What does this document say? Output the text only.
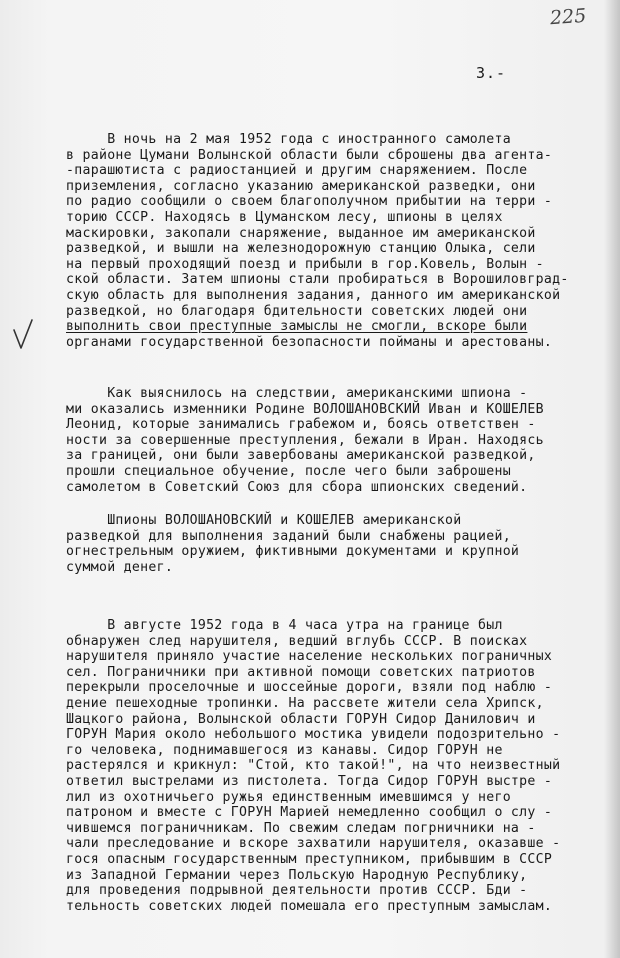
225
3.-

В ночь на 2 мая 1952 года с иностранного самолета

в районе Цумани Волынской области были сброшены два агента-

-парашютиста с радиостанцией и другим снаряжением. После

приземления, согласно указанию американской разведки, они

по радио сообщили о своем благополучном прибытии на терри -

торию СССР. Находясь в Цуманском лесу, шпионы в целях

маскировки, закопали снаряжение, выданное им американской

разведкой, и вышли на железнодорожную станцию Олыка, сели

на первый проходящий поезд и прибыли в гор.Ковель, Волын -

ской области. Затем шпионы стали пробираться в Ворошиловград-

скую область для выполнения задания, данного им американской

разведкой, но благодаря бдительности советских людей они

выполнить свои преступные замыслы не смогли, вскоре были

органами государственной безопасности пойманы и арестованы.

Как выяснилось на следствии, американскими шпиона -

ми оказались изменники Родине ВОЛОШАНОВСКИЙ Иван и КОШЕЛЕВ

Леонид, которые занимались грабежом и, боясь ответствен -

ности за совершенные преступления, бежали в Иран. Находясь

за границей, они были завербованы американской разведкой,

прошли специальное обучение, после чего были заброшены

самолетом в Советский Союз для сбора шпионских сведений.

Шпионы ВОЛОШАНОВСКИЙ и КОШЕЛЕВ американской

разведкой для выполнения заданий были снабжены рацией,

огнестрельным оружием, фиктивными документами и крупной

суммой денег.

В августе 1952 года в 4 часа утра на границе был

обнаружен след нарушителя, ведший вглубь СССР. В поисках

нарушителя приняло участие население нескольких пограничных

сел. Пограничники при активной помощи советских патриотов

перекрыли проселочные и шоссейные дороги, взяли под наблю -

дение пешеходные тропинки. На рассвете жители села Хрипск,

Шацкого района, Волынской области ГОРУН Сидор Данилович и

ГОРУН Мария около небольшого мостика увидели подозрительно -

го человека, поднимавшегося из канавы. Сидор ГОРУН не

растерялся и крикнул: "Стой, кто такой!", на что неизвестный

ответил выстрелами из пистолета. Тогда Сидор ГОРУН выстре -

лил из охотничьего ружья единственным имевшимся у него

патроном и вместе с ГОРУН Марией немедленно сообщил о слу -

чившемся пограничникам. По свежим следам погрничники на -

чали преследование и вскоре захватили нарушителя, оказавше -

гося опасным государственным преступником, прибывшим в СССР

из Западной Германии через Польскую Народную Республику,

для проведения подрывной деятельности против СССР. Бди -

тельность советских людей помешала его преступным замыслам.
